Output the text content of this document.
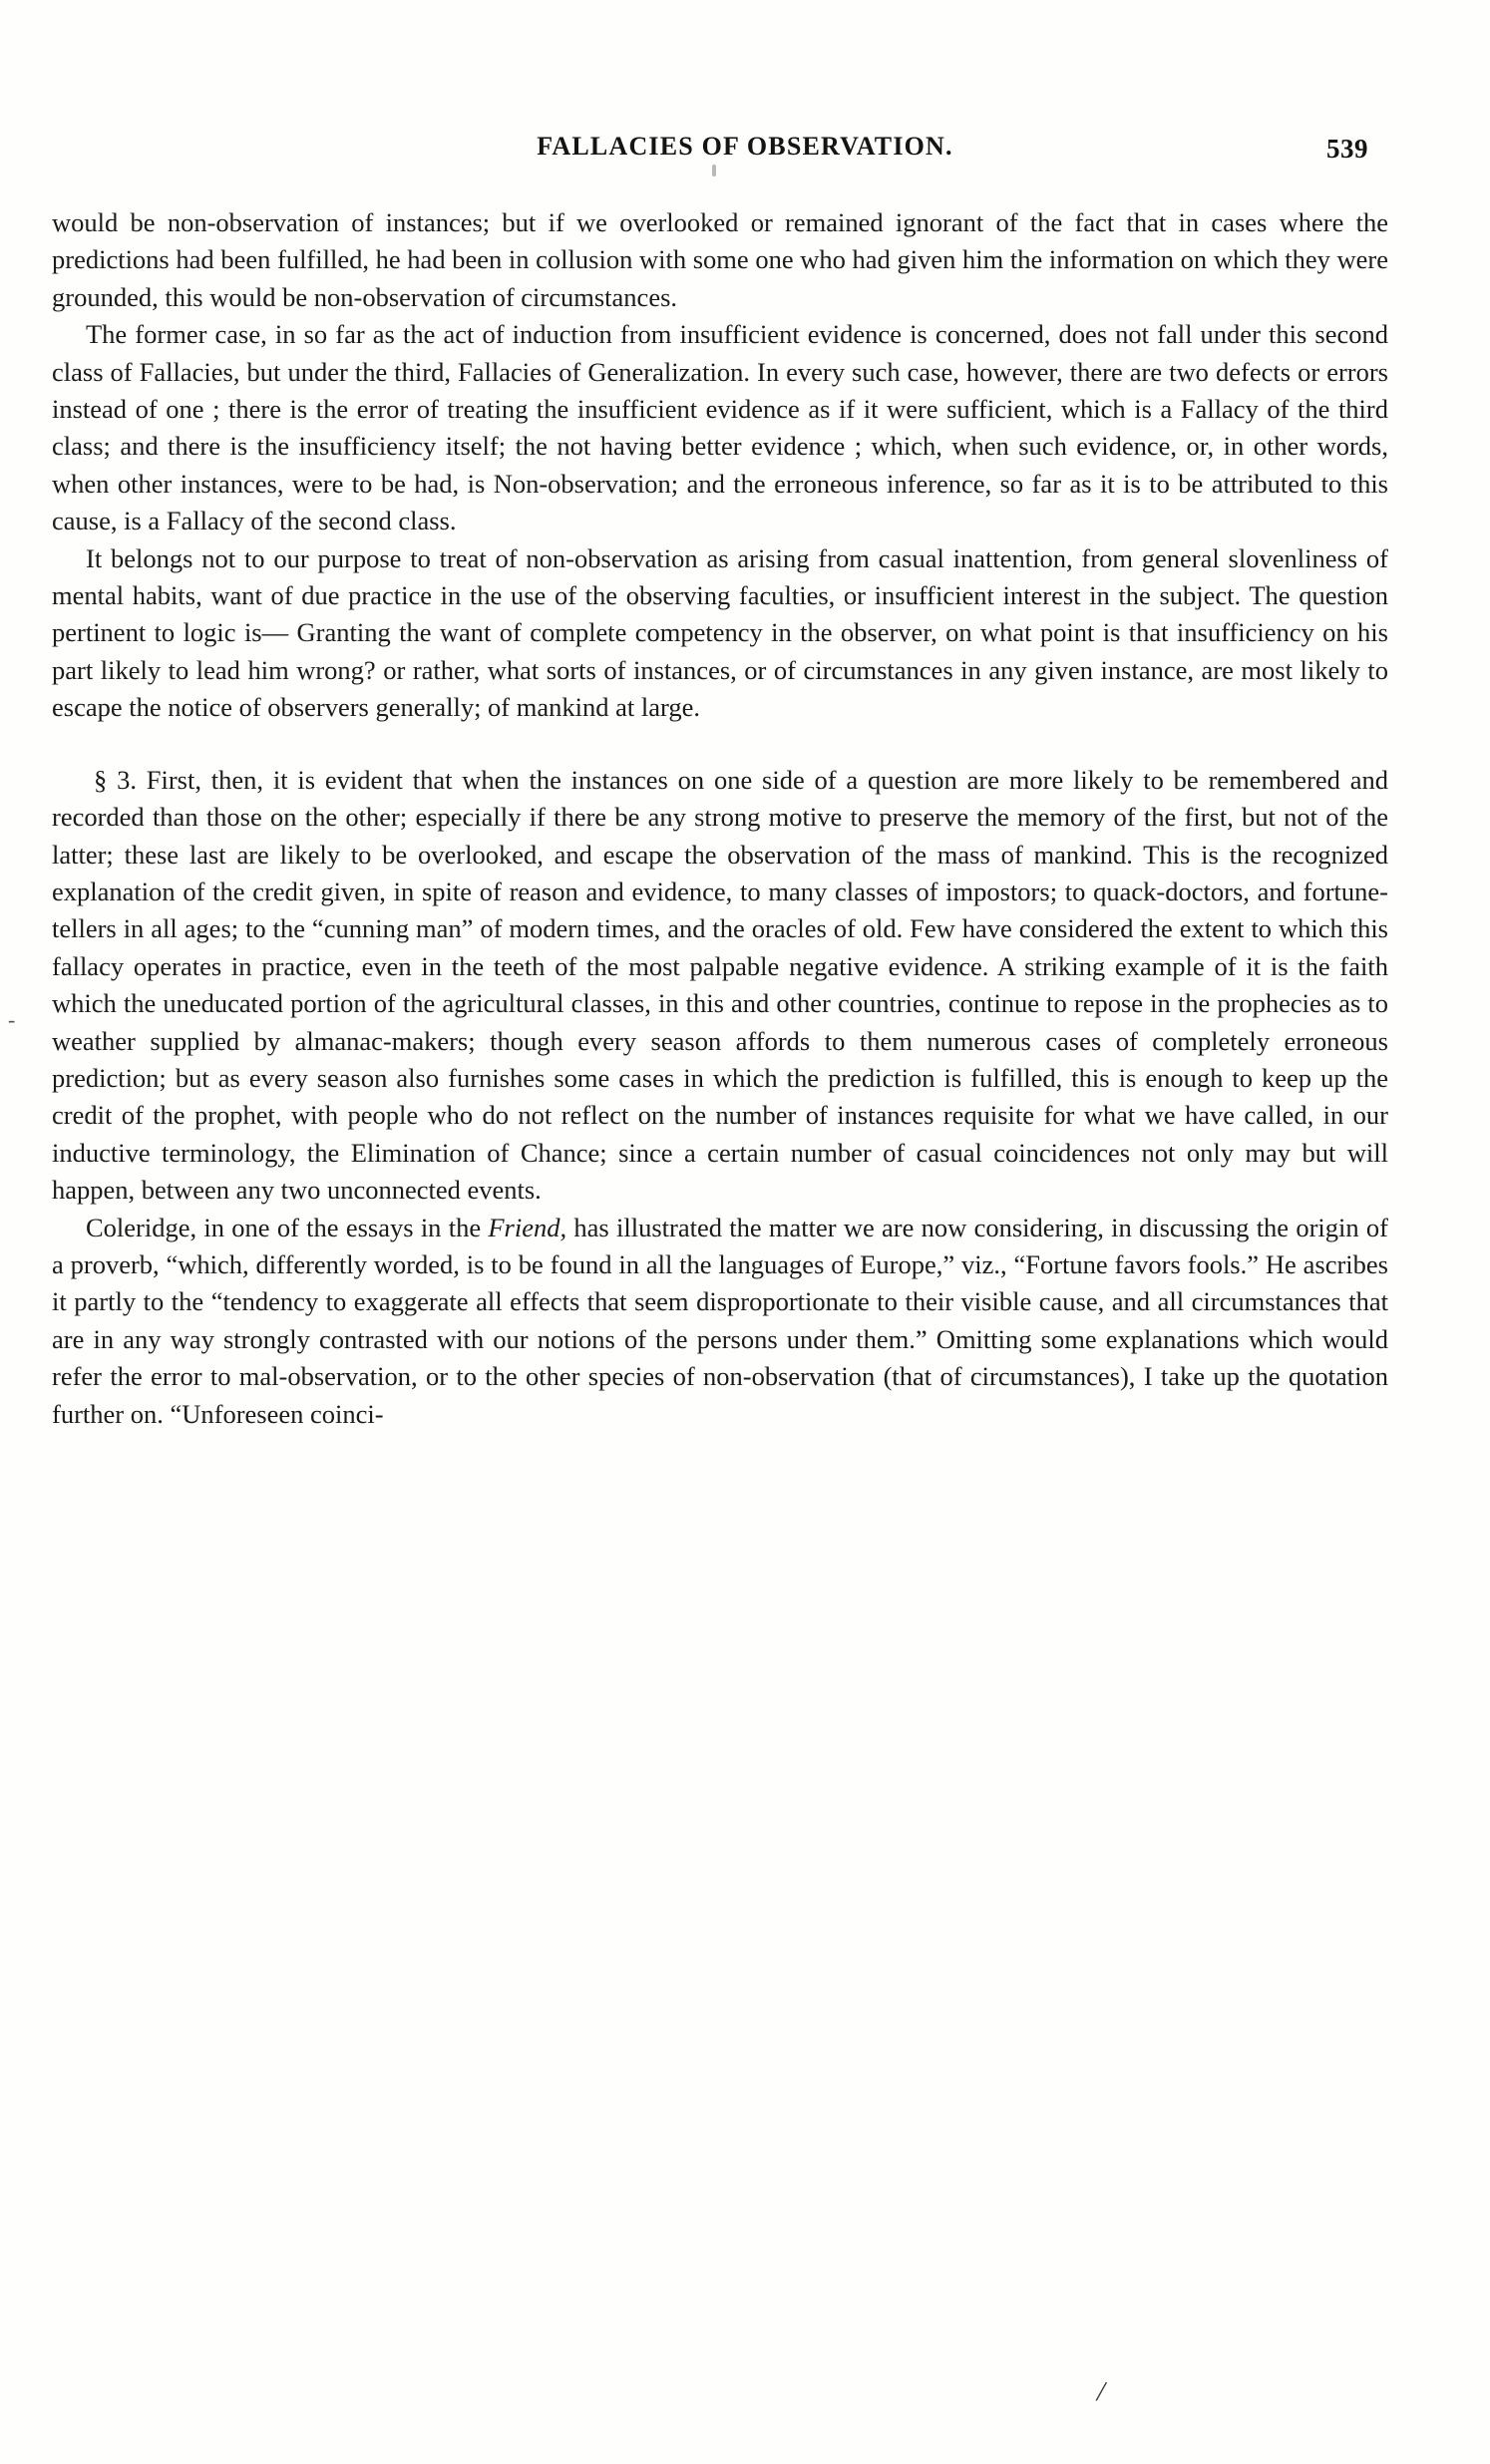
FALLACIES OF OBSERVATION.	539
-

would be non-observation of instances; but if we overlooked or remained ignorant of the fact that in cases where the predictions had been fulfilled, he had been in collusion with some one who had given him the information on which they were grounded, this would be non-observation of circumstances.

The former case, in so far as the act of induction from insufficient evidence is concerned, does not fall under this second class of Fallacies, but under the third, Fallacies of Generalization. In every such case, however, there are two defects or errors instead of one ; there is the error of treating the insufficient evidence as if it were sufficient, which is a Fallacy of the third class; and there is the insufficiency itself; the not having better evidence ; which, when such evidence, or, in other words, when other instances, were to be had, is Non-observation; and the erroneous inference, so far as it is to be attributed to this cause, is a Fallacy of the second class.

It belongs not to our purpose to treat of non-observation as arising from casual inattention, from general slovenliness of mental habits, want of due practice in the use of the observing faculties, or insufficient interest in the subject. The question pertinent to logic is— Granting the want of complete competency in the observer, on what point is that insufficiency on his part likely to lead him wrong? or rather, what sorts of instances, or of circumstances in any given instance, are most likely to escape the notice of observers generally; of mankind at large.

§ 3. First, then, it is evident that when the instances on one side of a question are more likely to be remembered and recorded than those on the other; especially if there be any strong motive to preserve the memory of the first, but not of the latter; these last are likely to be overlooked, and escape the observation of the mass of mankind. This is the recognized explanation of the credit given, in spite of reason and evidence, to many classes of impostors; to quack-doctors, and fortune-tellers in all ages; to the “cunning man” of modern times, and the oracles of old. Few have considered the extent to which this fallacy operates in practice, even in the teeth of the most palpable negative evidence. A striking example of it is the faith which the uneducated portion of the agricultural classes, in this and other countries, continue to repose in the prophecies as to weather supplied by almanac-makers; though every season affords to them numerous cases of completely erroneous prediction; but as every season also furnishes some cases in which the prediction is fulfilled, this is enough to keep up the credit of the prophet, with people who do not reflect on the number of instances requisite for what we have called, in our inductive terminology, the Elimination of Chance; since a certain number of casual coincidences not only may but will happen, between any two unconnected events.

Coleridge, in one of the essays in the Friend, has illustrated the matter we are now considering, in discussing the origin of a proverb, “which, differently worded, is to be found in all the languages of Europe,” viz., “Fortune favors fools.” He ascribes it partly to the “tendency to exaggerate all effects that seem disproportionate to their visible cause, and all circumstances that are in any way strongly contrasted with our notions of the persons under them.” Omitting some explanations which would refer the error to mal-observation, or to the other species of non-observation (that of circumstances), I take up the quotation further on. “Unforeseen coinci-

/
